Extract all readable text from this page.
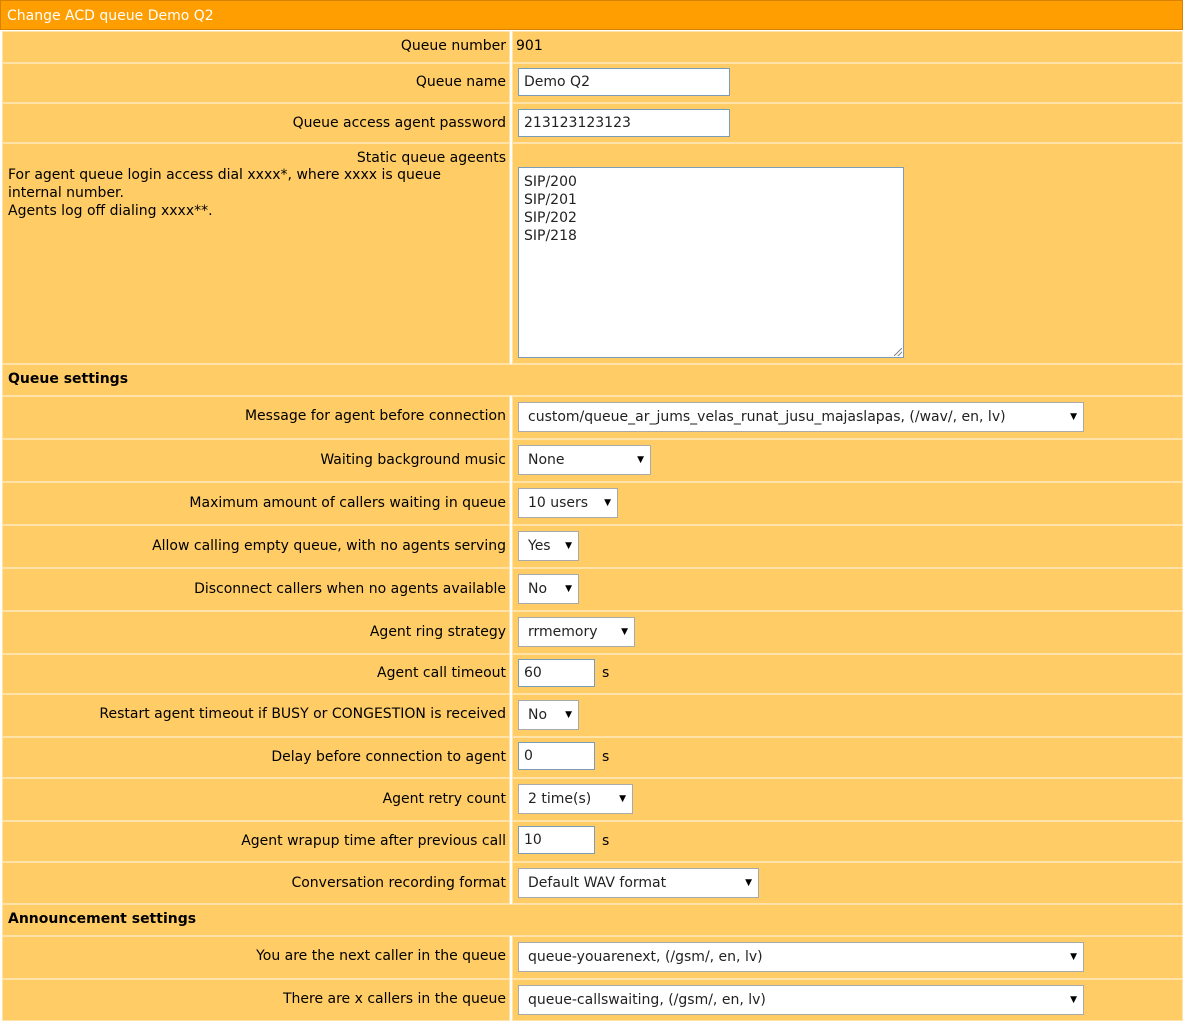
Change ACD queue Demo Q2
Queue number 901
Queue name	Demo Q2
Queue access agent password	213123123123
Static queue ageents
For agent queue login access dial xxxx*, where xxxx is queue internal number.
Agents log off dialing xxxx**.
SIP/200
SIP/201
SIP/202
SIP/218
Queue settings
Message for agent before connection	custom/queue_ar_jums_velas_runat_jusu_majaslapas, (/wav/, en, lv)	▼
Waiting background music	None	▼
Maximum amount of callers waiting in queue	10 users ▼
Allow calling empty queue, with no agents serving	Yes ▼
Disconnect callers when no agents available	No ▼
Agent ring strategy	rrmemory	▼
Agent call timeout	60	s
Restart agent timeout if BUSY or CONGESTION is received	No ▼
Delay before connection to agent	0	s
Agent retry count	2 time(s)	▼
Agent wrapup time after previous call	10	s
Conversation recording format	Default WAV format	▼
Announcement settings
You are the next caller in the queue	queue-youarenext, (/gsm/, en, lv)	▼
There are x callers in the queue	queue-callswaiting, (/gsm/, en, lv)	▼
